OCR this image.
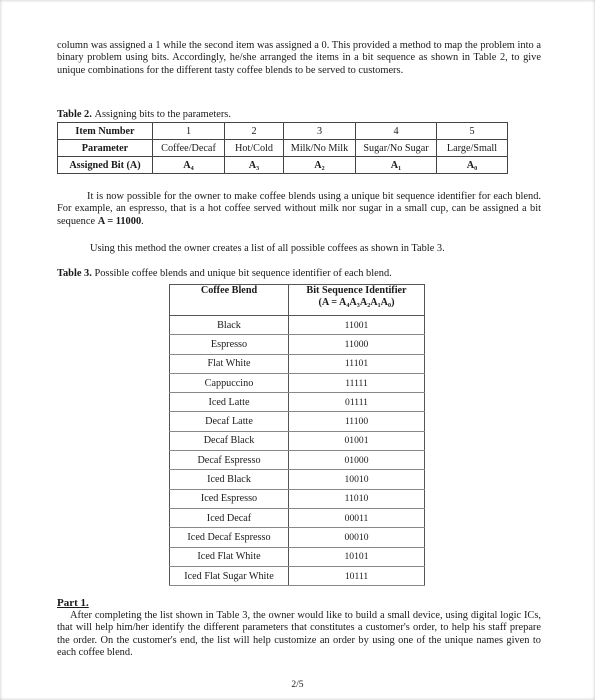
column was assigned a 1 while the second item was assigned a 0. This provided a method to map the problem into a binary problem using bits. Accordingly, he/she arranged the items in a bit sequence as shown in Table 2, to give unique combinations for the different tasty coffee blends to be served to customers.
Table 2. Assigning bits to the parameters.
Item Number	1	2	3	4	5
Parameter	Coffee/Decaf	Hot/Cold	Milk/No Milk	Sugar/No Sugar	Large/Small
Assigned Bit (A)	A₄	A₃	A₂	A₁	A₀
It is now possible for the owner to make coffee blends using a unique bit sequence identifier for each blend. For example, an espresso, that is a hot coffee served without milk nor sugar in a small cup, can be assigned a bit sequence A = 11000.
Using this method the owner creates a list of all possible coffees as shown in Table 3.
Table 3. Possible coffee blends and unique bit sequence identifier of each blend.
Coffee Blend	Bit Sequence Identifier
(A = A₄A₃A₂A₁A₀)

Black	11001
Espresso	11000
Flat White	11101
Cappuccino	11111
Iced Latte	01111
Decaf Latte	11100
Decaf Black	01001
Decaf Espresso	01000
Iced Black	10010
Iced Espresso	11010
Iced Decaf	00011
Iced Decaf Espresso	00010
Iced Flat White	10101
Iced Flat Sugar White	10111
Part 1.
After completing the list shown in Table 3, the owner would like to build a small device, using digital logic ICs, that will help him/her identify the different parameters that constitutes a customer's order, to help his staff prepare the order. On the customer's end, the list will help customize an order by using one of the unique names given to each coffee blend.
2/5
